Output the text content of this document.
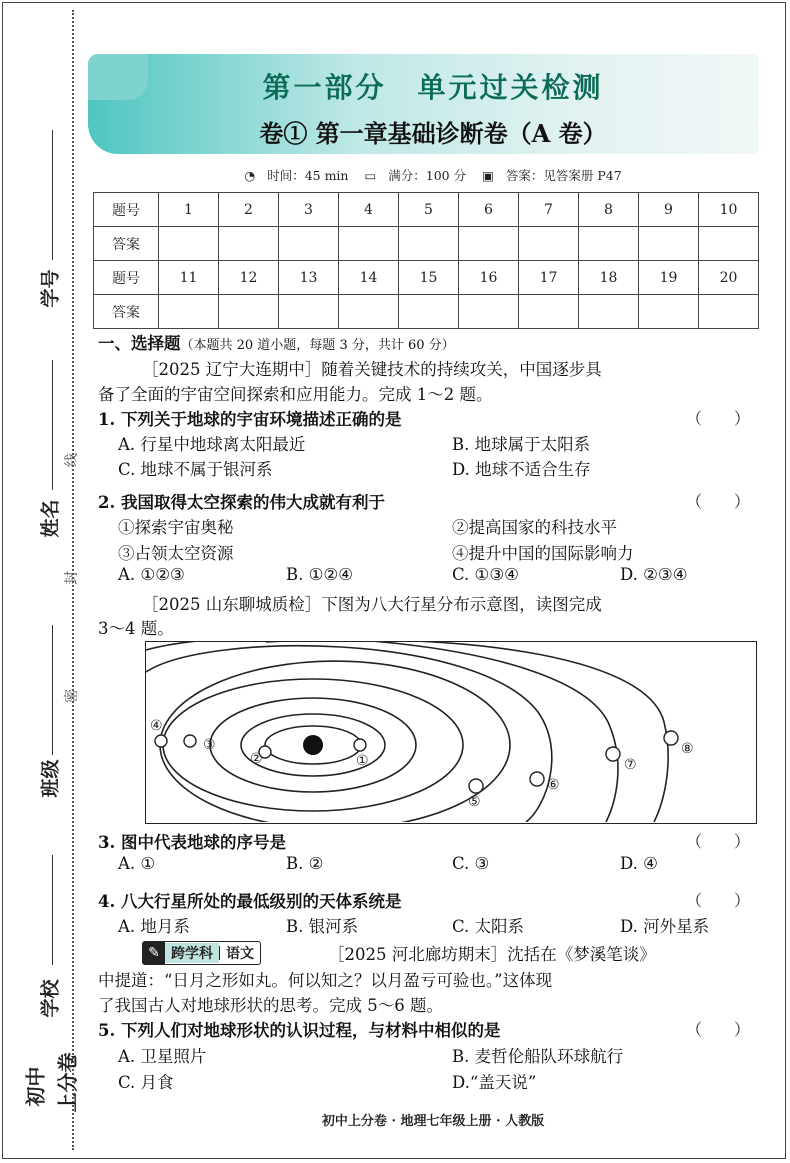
学号
姓名
班级
学校
线
封
密
初中 上分卷
第一部分　单元过关检测
卷① 第一章基础诊断卷（A 卷）
◔ 时间：45 min ▭ 满分：100 分 ▣ 答案：见答案册 P47
题号	1	2	3	4	5	6	7	8	9	10
答案										
题号	11	12	13	14	15	16	17	18	19	20
答案										
一、选择题（本题共 20 道小题，每题 3 分，共计 60 分）
［2025 辽宁大连期中］随着关键技术的持续攻关，中国逐步具
备了全面的宇宙空间探索和应用能力。完成 1～2 题。
1. 下列关于地球的宇宙环境描述正确的是	（　　）
A. 行星中地球离太阳最近	B. 地球属于太阳系
C. 地球不属于银河系	D. 地球不适合生存
2. 我国取得太空探索的伟大成就有利于	（　　）
①探索宇宙奥秘	②提高国家的科技水平
③占领太空资源	④提升中国的国际影响力
A. ①②③	B. ①②④	C. ①③④	D. ②③④
［2025 山东聊城质检］下图为八大行星分布示意图，读图完成
3～4 题。
①
②
③
④
⑤
⑥
⑦
⑧
3. 图中代表地球的序号是	（　　）
A. ①	B. ②	C. ③	D. ④
4. 八大行星所处的最低级别的天体系统是	（　　）
A. 地月系	B. 银河系	C. 太阳系	D. 河外星系
✎ 跨学科 语文	［2025 河北廊坊期末］沈括在《梦溪笔谈》
中提道：“日月之形如丸。何以知之？以月盈亏可验也。”这体现
了我国古人对地球形状的思考。完成 5～6 题。
5. 下列人们对地球形状的认识过程，与材料中相似的是	（　　）
A. 卫星照片	B. 麦哲伦船队环球航行
C. 月食	D.“盖天说”
初中上分卷 · 地理七年级上册 · 人教版
